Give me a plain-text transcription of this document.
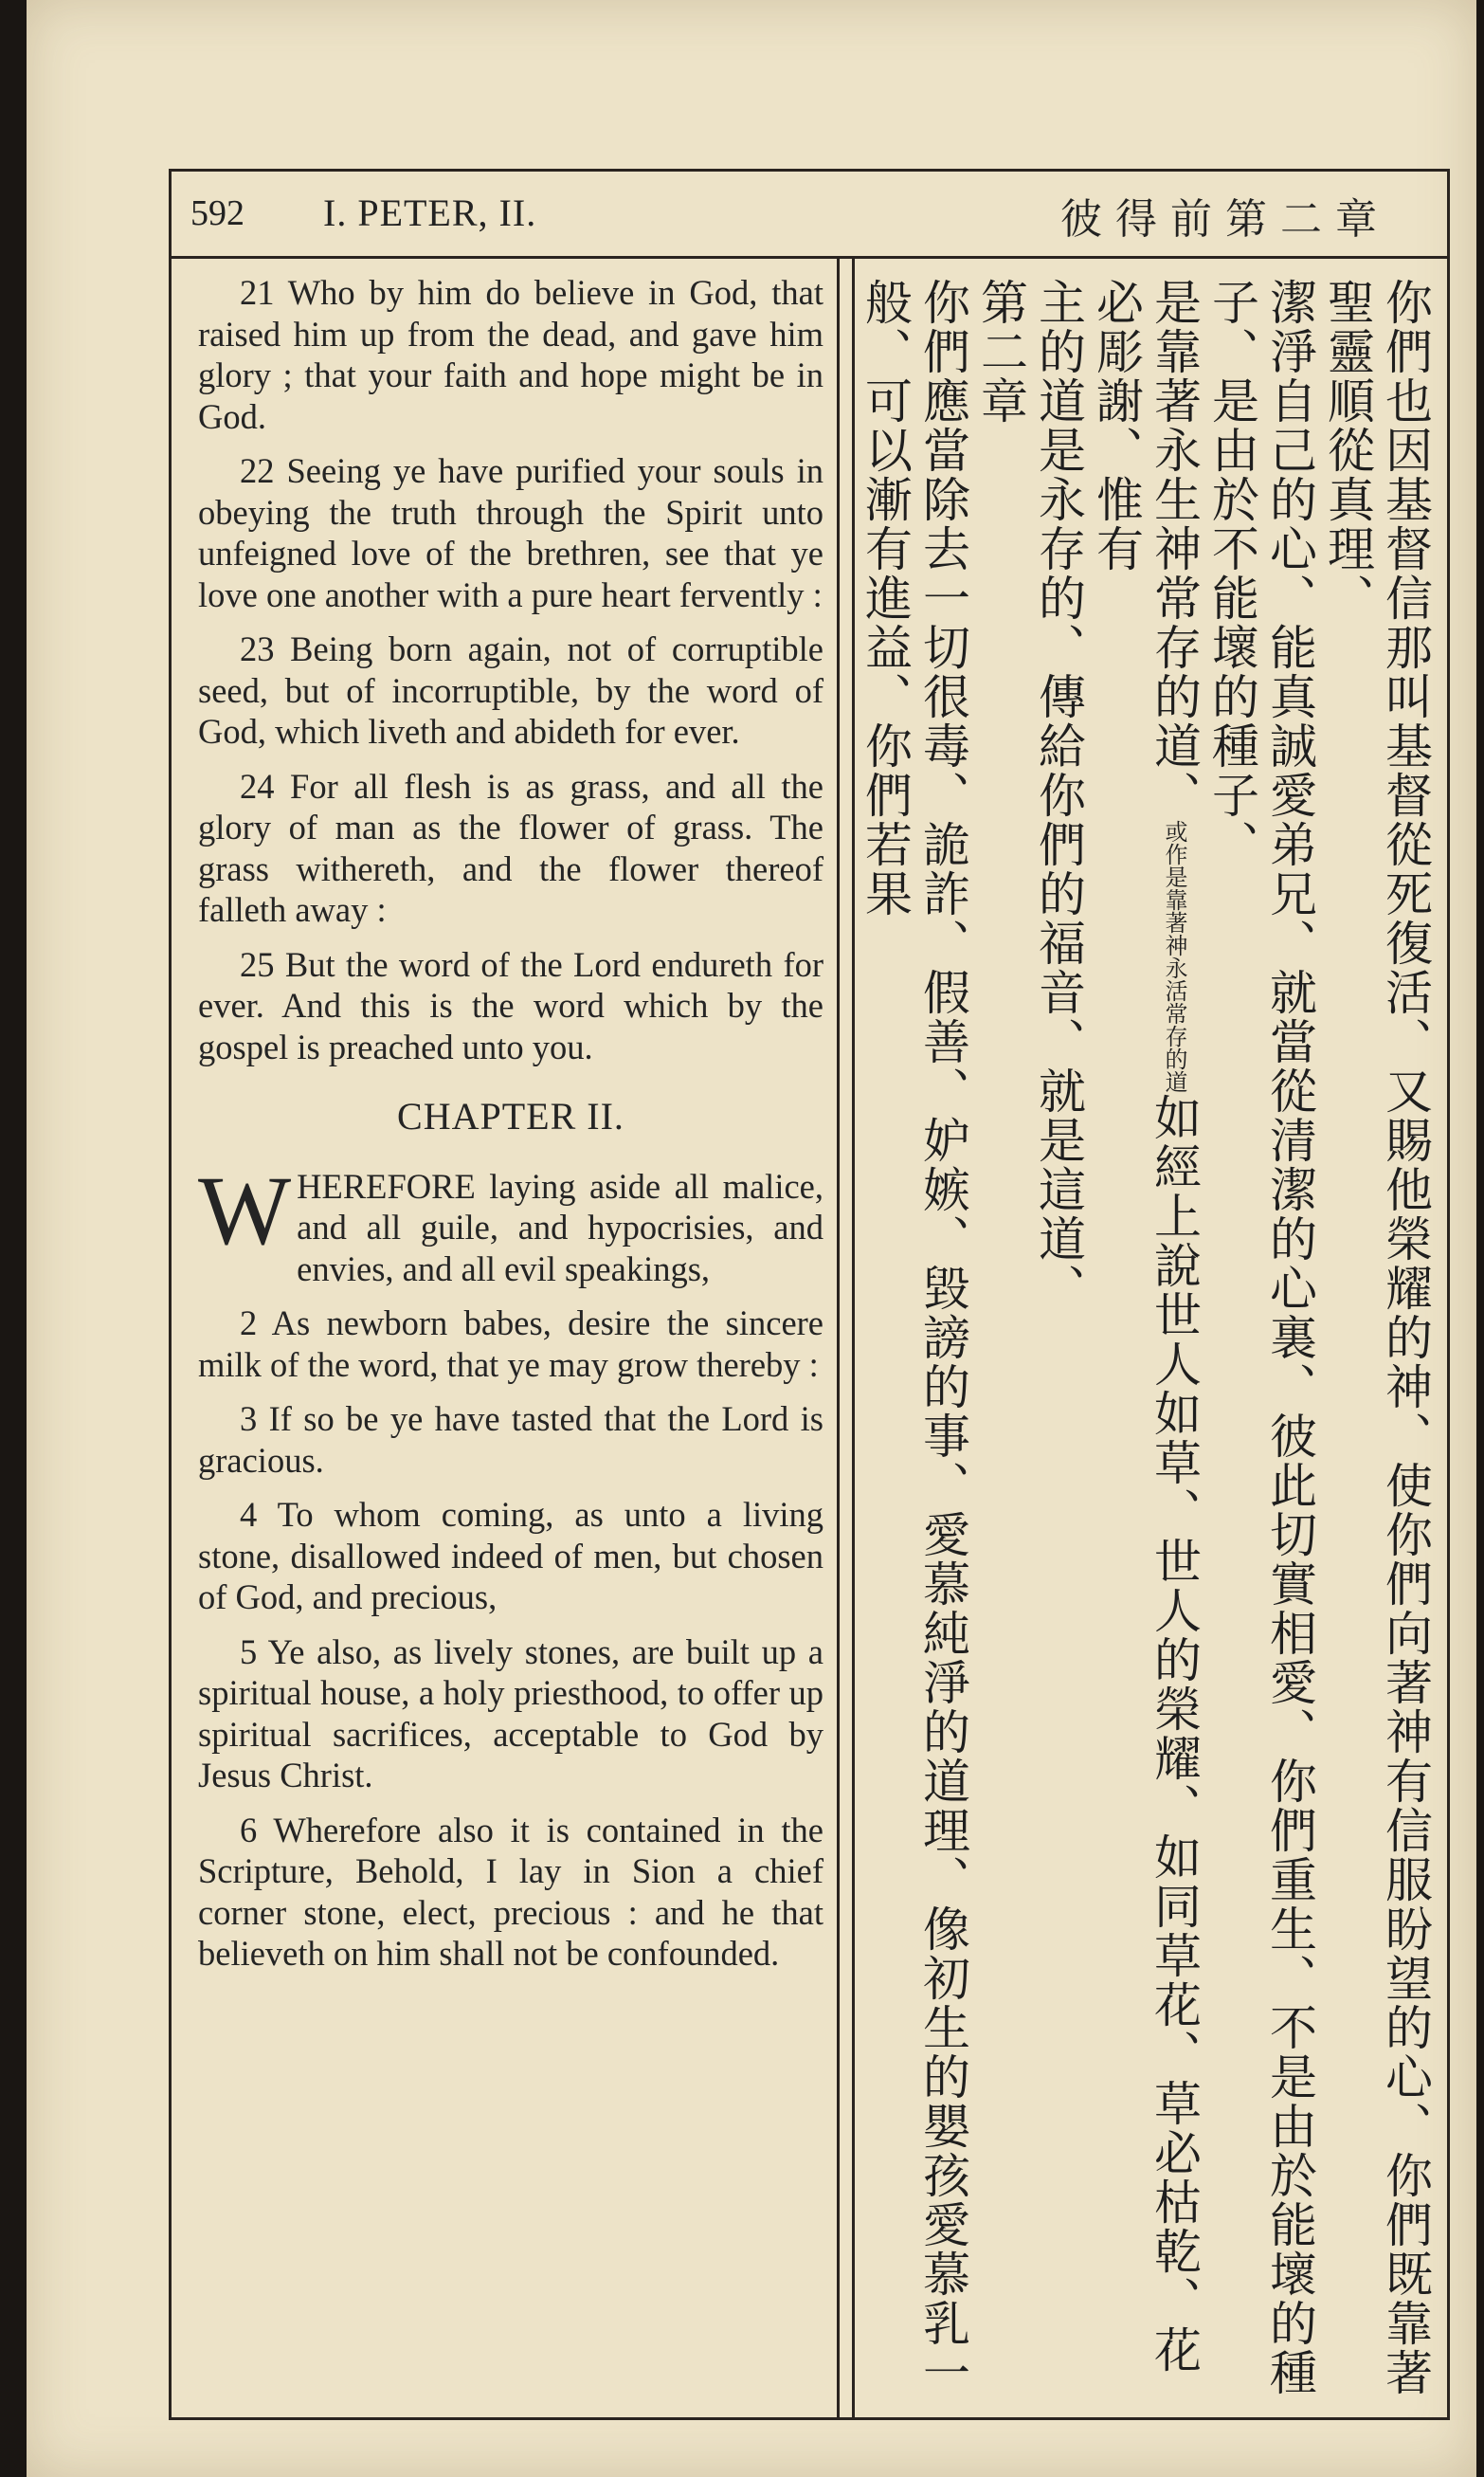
592 I. PETER, II.	彼得前第二章

21 Who by him do believe in God, that raised him up from the dead, and gave him glory ; that your faith and hope might be in God.

22 Seeing ye have purified your souls in obeying the truth through the Spirit unto unfeigned love of the brethren, see that ye love one another with a pure heart fervently :

23 Being born again, not of corruptible seed, but of incorruptible, by the word of God, which liveth and abideth for ever.

24 For all flesh is as grass, and all the glory of man as the flower of grass. The grass withereth, and the flower thereof falleth away :

25 But the word of the Lord endureth for ever. And this is the word which by the gospel is preached unto you.

CHAPTER II.

WHEREFORE laying aside all malice, and all guile, and hypocrisies, and envies, and all evil speakings,

2 As newborn babes, desire the sincere milk of the word, that ye may grow thereby :

3 If so be ye have tasted that the Lord is gracious.

4 To whom coming, as unto a living stone, disallowed indeed of men, but chosen of God, and precious,

5 Ye also, as lively stones, are built up a spiritual house, a holy priesthood, to offer up spiritual sacrifices, acceptable to God by Jesus Christ.

6 Wherefore also it is contained in the Scripture, Behold, I lay in Sion a chief corner stone, elect, precious : and he that believeth on him shall not be confounded.	你們也因基督信那叫基督從死復活、又賜他榮耀的神、使你們向著神有信服盼望的心、你們既靠著聖靈順從真理、

潔淨自己的心、能真誠愛弟兄、就當從清潔的心裏、彼此切實相愛、你們重生、不是由於能壞的種子、是由於不能壞的種子、

是靠著永生神常存的道、或作是靠著神永活常存的道如經上說世人如草、世人的榮耀、如同草花、草必枯乾、花必彫謝、惟有

主的道是永存的、傳給你們的福音、就是這道、

第二章

你們應當除去一切很毒、詭詐、假善、妒嫉、毀謗的事、愛慕純淨的道理、像初生的嬰孩愛慕乳一般、可以漸有進益、你們若果
